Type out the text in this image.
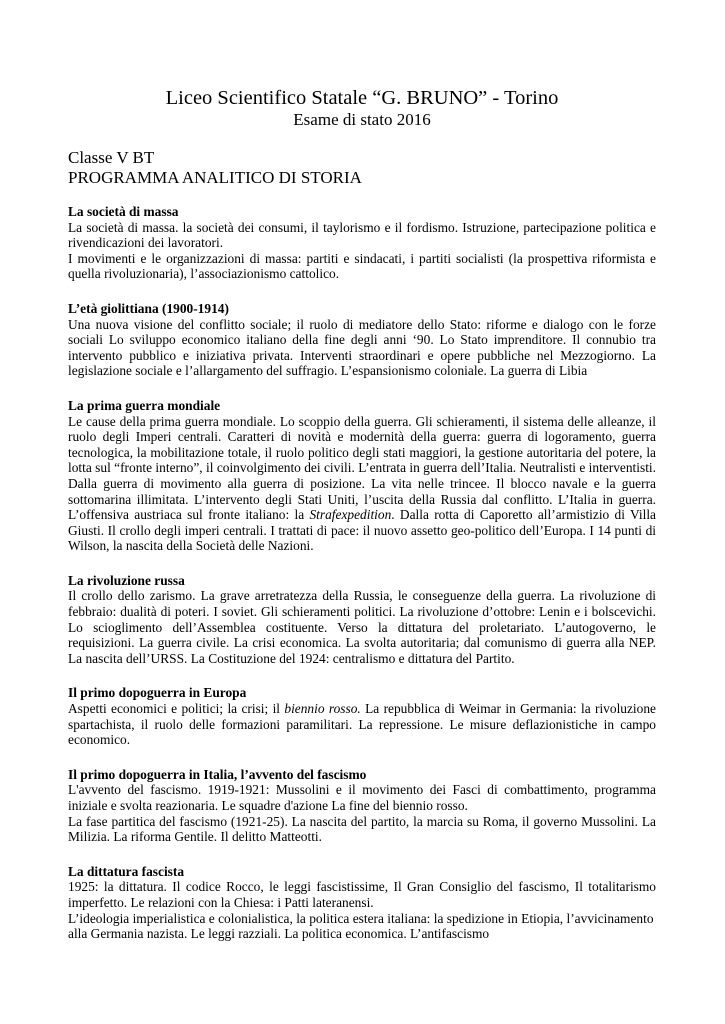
Liceo Scientifico Statale “G. BRUNO” - Torino
Esame di stato 2016
Classe V BT
PROGRAMMA ANALITICO DI STORIA
La società di massa

La società di massa. la società dei consumi, il taylorismo e il fordismo. Istruzione, partecipazione politica e rivendicazioni dei lavoratori.

I movimenti e le organizzazioni di massa: partiti e sindacati, i partiti socialisti (la prospettiva riformista e quella rivoluzionaria), l’associazionismo cattolico.

L’età giolittiana (1900-1914)

Una nuova visione del conflitto sociale; il ruolo di mediatore dello Stato: riforme e dialogo con le forze sociali Lo sviluppo economico italiano della fine degli anni ‘90. Lo Stato imprenditore. Il connubio tra intervento pubblico e iniziativa privata. Interventi straordinari e opere pubbliche nel Mezzogiorno. La legislazione sociale e l’allargamento del suffragio. L’espansionismo coloniale. La guerra di Libia

La prima guerra mondiale

Le cause della prima guerra mondiale. Lo scoppio della guerra. Gli schieramenti, il sistema delle alleanze, il ruolo degli Imperi centrali. Caratteri di novità e modernità della guerra: guerra di logoramento, guerra tecnologica, la mobilitazione totale, il ruolo politico degli stati maggiori, la gestione autoritaria del potere, la lotta sul “fronte interno”, il coinvolgimento dei civili. L’entrata in guerra dell’Italia. Neutralisti e interventisti. Dalla guerra di movimento alla guerra di posizione. La vita nelle trincee. Il blocco navale e la guerra sottomarina illimitata. L’intervento degli Stati Uniti, l’uscita della Russia dal conflitto. L’Italia in guerra. L’offensiva austriaca sul fronte italiano: la Strafexpedition. Dalla rotta di Caporetto all’armistizio di Villa Giusti. Il crollo degli imperi centrali. I trattati di pace: il nuovo assetto geo-politico dell’Europa. I 14 punti di Wilson, la nascita della Società delle Nazioni.

La rivoluzione russa

Il crollo dello zarismo. La grave arretratezza della Russia, le conseguenze della guerra. La rivoluzione di febbraio: dualità di poteri. I soviet. Gli schieramenti politici. La rivoluzione d’ottobre: Lenin e i bolscevichi. Lo scioglimento dell’Assemblea costituente. Verso la dittatura del proletariato. L’autogoverno, le requisizioni. La guerra civile. La crisi economica. La svolta autoritaria; dal comunismo di guerra alla NEP. La nascita dell’URSS. La Costituzione del 1924: centralismo e dittatura del Partito.

Il primo dopoguerra in Europa

Aspetti economici e politici; la crisi; il biennio rosso. La repubblica di Weimar in Germania: la rivoluzione spartachista, il ruolo delle formazioni paramilitari. La repressione. Le misure deflazionistiche in campo economico.

Il primo dopoguerra in Italia, l’avvento del fascismo

L'avvento del fascismo. 1919-1921: Mussolini e il movimento dei Fasci di combattimento, programma iniziale e svolta reazionaria. Le squadre d'azione La fine del biennio rosso.

La fase partitica del fascismo (1921-25). La nascita del partito, la marcia su Roma, il governo Mussolini. La Milizia. La riforma Gentile. Il delitto Matteotti.

La dittatura fascista

1925: la dittatura. Il codice Rocco, le leggi fascistissime, Il Gran Consiglio del fascismo, Il totalitarismo imperfetto. Le relazioni con la Chiesa: i Patti lateranensi.

L’ideologia imperialistica e colonialistica, la politica estera italiana: la spedizione in Etiopia, l’avvicinamento alla Germania nazista. Le leggi razziali. La politica economica. L’antifascismo
